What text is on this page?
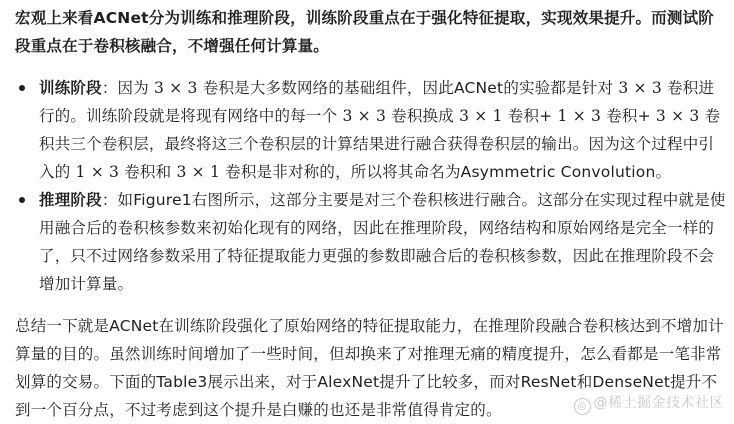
宏观上来看ACNet分为训练和推理阶段，训练阶段重点在于强化特征提取，实现效果提升。而测试阶段重点在于卷积核融合，不增强任何计算量。

训练阶段：因为 3 × 3 卷积是大多数网络的基础组件，因此ACNet的实验都是针对 3 × 3 卷积进行的。训练阶段就是将现有网络中的每一个 3 × 3 卷积换成 3 × 1 卷积+ 1 × 3 卷积+ 3 × 3 卷积共三个卷积层，最终将这三个卷积层的计算结果进行融合获得卷积层的输出。因为这个过程中引入的 1 × 3 卷积和 3 × 1 卷积是非对称的，所以将其命名为Asymmetric Convolution。
推理阶段：如Figure1右图所示，这部分主要是对三个卷积核进行融合。这部分在实现过程中就是使用融合后的卷积核参数来初始化现有的网络，因此在推理阶段，网络结构和原始网络是完全一样的了，只不过网络参数采用了特征提取能力更强的参数即融合后的卷积核参数，因此在推理阶段不会增加计算量。

总结一下就是ACNet在训练阶段强化了原始网络的特征提取能力，在推理阶段融合卷积核达到不增加计算量的目的。虽然训练时间增加了一些时间，但却换来了对推理无痛的精度提升，怎么看都是一笔非常划算的交易。下面的Table3展示出来，对于AlexNet提升了比较多，而对ResNet和DenseNet提升不到一个百分点，不过考虑到这个提升是白赚的也还是非常值得肯定的。	◎ @稀土掘金技术社区
